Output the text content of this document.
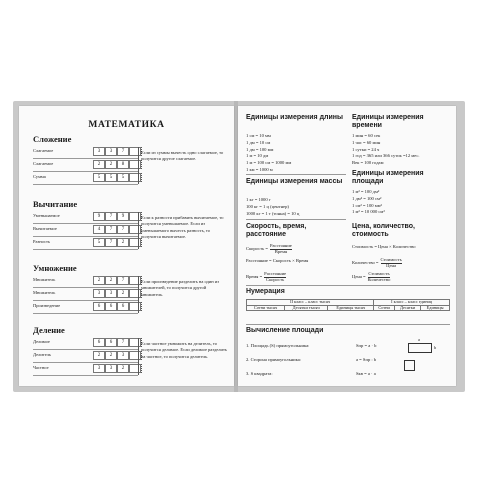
МАТЕМАТИКА
Сложение
Слагаемое	3	3	7
Слагаемое	2	2	8
Сумма	5	5	5
Если из суммы вычесть одно слагаемое, то получится другое слагаемое.
Вычитание
Уменьшаемое	9	7	9
Вычитаемое	4	7	7
Разность	5	7	2
Если к разности прибавить вычитаемое, то получится уменьшаемое. Если из уменьшаемого вычесть разность, то получится вычитаемое.
Умножение
Множитель	2	2	7
Множитель	3	3	2
Произведение	6	6	6
Если произведение разделить на один из множителей, то получится другой множитель.
Деление
Делимое	6	6	7
Делитель	2	2	3
Частное	3	3	2
Если частное умножить на делитель, то получится делимое. Если делимое разделить на частное, то получится делитель.
Единицы измерения длины
1 см = 10 мм
1 дм = 10 см
1 дм = 100 мм
1 м = 10 дм
1 м = 100 см = 1000 мм
1 км = 1000 м
Единицы измерения времени
1 мин = 60 сек
1 час = 60 мин
1 сутки = 24 ч
1 год = 365 или 366 суток =12 мес.
Век = 100 годам
Единицы измерения массы
1 кг = 1000 г
100 кг = 1 ц (центнер)
1000 кг = 1 т (тонна) = 10 ц
Единицы измерения площади
1 м² = 100 дм²
1 дм² = 100 см²
1 см² = 100 мм²
1 м² = 10 000 см²
Скорость, время, расстояние
Скорость = $\frac{\text{Расстояние}}{\text{Время}}$
Расстояние = Скорость × Время
Время = $\frac{\text{Расстояние}}{\text{Скорость}}$
Цена, количество, стоимость
Стоимость = Цена × Количество
Количество = $\frac{\text{Стоимость}}{\text{Цена}}$
Цена = $\frac{\text{Стоимость}}{\text{Количество}}$
Нумерация
II класс – класс тысяч			I класс – класс единиц		
Сотни тысяч	Десятки тысяч	Единицы тысяч	Сотни	Десятки	Единицы
Вычисление площади
1. Площадь (S) прямоугольника:	Sпр = a · b
2. Сторона прямоугольника:	a = Sпр : b
3. S квадрата:	Sкв = a · a
a
b
